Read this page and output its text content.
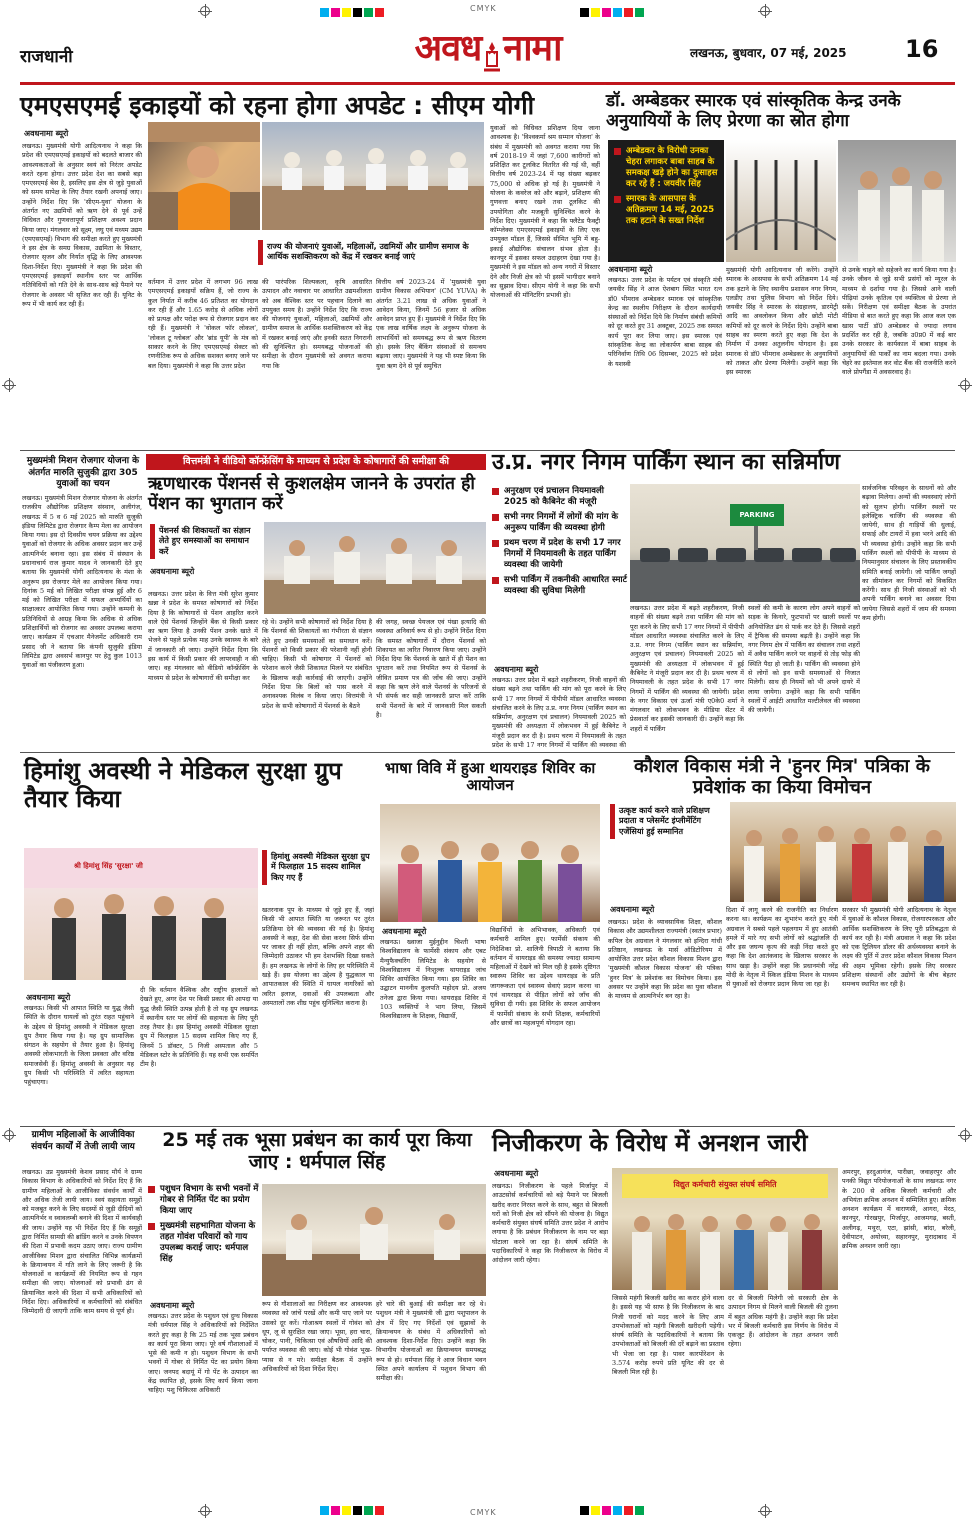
CMYK
CMYK
राजधानी	अवध नामा	लखनऊ, बुधवार, 07 मई, 2025 16
एमएसएमई इकाइयों को रहना होगा अपडेट : सीएम योगी
अवधनामा ब्यूरो
लखनऊ। मुख्यमंत्री योगी आदित्यनाथ ने कहा कि प्रदेश की एमएसएमई इकाइयों को बदलते बाजार की आवश्यकताओं के अनुसार स्वयं को निरंतर अपडेट करते रहना होगा। उत्तर प्रदेश देश का सबसे बड़ा एमएसएमई बेस है, इसलिए इस क्षेत्र से जुड़े युवाओं को समय सापेक्ष के लिए तैयार रखनी अपनाई जाए। उन्होंने निर्देश दिए कि 'सीएम-युवा' योजना के अंतर्गत नए उद्यमियों को ऋण देने से पूर्व उन्हें विधिवत और गुणवत्तापूर्ण प्रशिक्षण अवश्य प्रदान किया जाए। मंगलवार को सूक्ष्म, लघु एवं मध्यम उद्यम (एमएसएमई) विभाग की समीक्षा करते हुए मुख्यमंत्री ने इस क्षेत्र के समग्र विकास, उद्यमिता के विस्तार, रोजगार सृजन और निर्यात वृद्धि के लिए आवश्यक दिशा-निर्देश दिए। मुख्यमंत्री ने कहा कि प्रदेश की एमएसएमई इकाइयाँ स्थानीय स्तर पर आर्थिक गतिविधियों को गति देने के साथ-साथ बड़े पैमाने पर रोजगार के अवसर भी सृजित कर रही हैं। यूनिट के रूप में भी कार्य कर रही हैं।
राज्य की योजनाएं युवाओं, महिलाओं, उद्यमियों और ग्रामीण समाज के आर्थिक सशक्तिकरण को केंद्र में रखकर बनाई जाएं
वर्तमान में उत्तर प्रदेश में लगभग 96 लाख एमएसएमई इकाइयाँ सक्रिय हैं, जो राज्य के कुल निर्यात में करीब 46 प्रतिशत का योगदान कर रही हैं और 1.65 करोड़ से अधिक लोगों को प्रत्यक्ष और परोक्ष रूप से रोजगार प्रदान कर रही हैं। मुख्यमंत्री ने 'वोकल फॉर लोकल', 'लोकल टू ग्लोबल' और 'ब्रांड यूपी' के मंत्र को साकार करने के लिए एमएसएमई सेक्टर को रणनीतिक रूप से अधिक सशक्त बनाए जाने पर बल दिया। मुख्यमंत्री ने कहा कि उत्तर प्रदेश
की पारंपरिक शिल्पकला, कृषि आधारित उत्पादन और नवाचार पर आधारित उद्यमशीलता को अब वैश्विक स्तर पर पहचान दिलाने का उपयुक्त समय है। उन्होंने निर्देश दिए कि राज्य की योजनाएं युवाओं, महिलाओं, उद्यमियों और ग्रामीण समाज के आर्थिक सशक्तिकरण को केंद्र में रखकर बनाई जाएं और इनकी सतत निगरानी की सुनिश्चित हो। समयबद्ध योजनाओं की समीक्षा के दौरान मुख्यमंत्री को अवगत कराया गया कि
वित्तीय वर्ष 2023-24 में 'मुख्यमंत्री युवा ग्रामीण विकास अभियान' (CM YUVA) के अंतर्गत 3.21 लाख से अधिक युवाओं ने आवेदन किया, जिनमें 56 हजार से अधिक आवेदन प्राप्त हुए हैं। मुख्यमंत्री ने निर्देश दिए कि एक लाख वार्षिक लक्ष्य के अनुरूप योजना के लाभार्थियों को समयबद्ध रूप से ऋण वितरण हो। इसके लिए बैंकिंग संस्थाओं से समन्वय बढ़ाया जाए। मुख्यमंत्री ने यह भी स्पष्ट किया कि युवा ऋण देने से पूर्व समुचित
युवाओं को विधिवत प्रशिक्षण दिया जाना आवश्यक है। 'विश्वकर्मा श्रम सम्मान योजना' के संबंध में मुख्यमंत्री को अवगत कराया गया कि वर्ष 2018-19 में जहां 7,600 कारीगरों को प्रशिक्षित कर टूलकिट वितरित की गई थी, वहीं वित्तीय वर्ष 2023-24 में यह संख्या बढ़कर 75,000 से अधिक हो गई है। मुख्यमंत्री ने योजना के कवरेज को और बढ़ाने, प्रशिक्षण की गुणवत्ता बनाए रखने तथा टूलकिट की उपयोगिता और मजबूती सुनिश्चित करने के निर्देश दिए। मुख्यमंत्री ने कहा कि फ्लैटेड फैक्ट्री कॉम्प्लेक्स एमएसएमई इकाइयों के लिए एक उपयुक्त मॉडल हैं, जिससे सीमित भूमि में बहु-इकाई औद्योगिक संचालन संभव होता है। कानपुर में इसका सफल उदाहरण देखा गया है। मुख्यमंत्री ने इस मॉडल को अन्य नगरों में विस्तार देने और निजी क्षेत्र को भी इसमें भागीदार बनाने का सुझाव दिया। सीएम योगी ने कहा कि सभी योजनाओं की मॉनिटरिंग प्रभावी हो।
डॉ. अम्बेडकर स्मारक एवं सांस्कृतिक केन्द्र उनके अनुयायियों के लिए प्रेरणा का स्रोत होगा
अम्बेडकर के विरोधी उनका चेहरा लगाकर बाबा साहब के समकक्ष खड़े होने का दुःसाहस कर रहे हैं : जयवीर सिंह
स्मारक के आसपास के अतिक्रमण 14 मई, 2025 तक हटाने के सख्त निर्देश
अवधनामा ब्यूरो
लखनऊ। उत्तर प्रदेश के पर्यटन एवं संस्कृति मंत्री जयवीर सिंह ने आज ऐशबाग स्थित भारत रत्न डॉ0 भीमराव अम्बेडकर स्मारक एवं सांस्कृतिक केन्द्र का स्थलीय निरीक्षण के दौरान कार्यदायी संस्थाओं को निर्देश दिये कि निर्माण संबंधी कमियों को दूर करते हुए 31 अक्टूबर, 2025 तक समस्त कार्य पूरा कर लिया जाए। इस स्मारक एवं सांस्कृतिक केन्द्र का लोकार्पण बाबा साहब की परिनिर्वाण तिथि 06 दिसम्बर, 2025 को प्रदेश के यशस्वी
मुख्यमंत्री योगी आदित्यनाथ जी करेंगे। उन्होंने स्मारक के आसपास के सभी अतिक्रमण 14 मई तक हटाने के लिए स्थानीय प्रशासन नगर निगम, एलडीए तथा पुलिस विभाग को निर्देश दिये। जयवीर सिंह ने स्मारक के संग्रहालय, डारमेट्री आदि का अवलोकन किया और छोटी मोटी कमियों को दूर करने के निर्देश दिये। उन्होंने बाबा साहब का स्मरण करते हुए कहा कि देश के निर्माण में उनका अतुलनीय योगदान है। इस स्मारक से डॉ0 भीमराव अम्बेडकर के अनुयायियों को ताकत और प्रेरणा मिलेगी। उन्होंने कहा कि इस स्मारक
से उनके चाहने को सहेजने का कार्य किया गया है। उनके जीवन से जुड़े सभी प्रसंगों को म्यूरल के माध्यम से दर्शाया गया है। जिससे आने वाली पीढ़ियां उनके कृतित्व एवं व्यक्तित्व से प्रेरणा ले सकें। निरीक्षण एवं समीक्षा बैठक के उपरांत मीडिया से बात करते हुए कहा कि आज कल एक खास पार्टी डॉ0 अम्बेडकर से ज्यादा लगाव प्रदर्शित कर रही है, जबकि उ0प्र0 में कई बार उनके सरकार के कार्यकाल में बाबा साहब के अनुयायियों की पार्कों का नाम बदला गया। उनके चेहरे का इस्तेमाल कर वोट बैंक की राजनीति करने वाले प्रोपगैंडा में अवसरवाद है।
मुख्यमंत्री मिशन रोजगार योजना के अंतर्गत मारुति सुजुकी द्वारा 305 युवाओं का चयन
लखनऊ। मुख्यमंत्री मिशन रोजगार योजना के अंतर्गत राजकीय औद्योगिक प्रशिक्षण संस्थान, अलीगंज, लखनऊ में 5 व 6 मई 2025 को मारुति सुजुकी इंडिया लिमिटेड द्वारा रोजगार कैम्प मेला का आयोजन किया गया। इस दो दिवसीय चयन प्रक्रिया का उद्देश्य युवाओं को रोजगार के अधिक अवसर प्रदान कर उन्हें आत्मनिर्भर बनाना रहा। इस संबंध में संस्थान के प्रधानाचार्य राज कुमार यादव ने जानकारी देते हुए बताया कि मुख्यमंत्री योगी आदित्यनाथ के मंशा के अनुरूप इस रोजगार मेले का आयोजन किया गया। दिनांक 5 मई को लिखित परीक्षा संपन्न हुई और 6 मई को लिखित परीक्षा में सफल अभ्यर्थियों का साक्षात्कार आयोजित किया गया। उन्होंने कम्पनी के प्रतिनिधियों से आग्रह किया कि अधिक से अधिक प्रशिक्षार्थियों को रोजगार का अवसर उपलब्ध कराया जाए। कार्यक्रम में एचआर मैनेजमेंट अधिकारी राम प्रसाद जी ने बताया कि कंपनी सुजुकी इंडिया लिमिटेड द्वारा अवसर्भ कानपुर पर हेतु कुल 1013 युवाओं का पंजीकरण हुआ।
वित्तमंत्री ने वीडियो कॉन्फ्रेंसिंग के माध्यम से प्रदेश के कोषागारों की समीक्षा की
ऋणधारक पेंशनर्स से कुशलक्षेम जानने के उपरांत ही पेंशन का भुगतान करें
पेंशनर्स की शिकायतों का संज्ञान लेते हुए समस्याओं का समाधान करें
अवधनामा ब्यूरो
लखनऊ। उत्तर प्रदेश के वित्त मंत्री सुरेश कुमार खन्ना ने प्रदेश के समस्त कोषागारों को निर्देश दिया है कि कोषागारों से पेंशन आहरित करने वाले ऐसे पेंशनर्स जिन्होंने बैंक से किसी प्रकार का ऋण लिया है उनकी पेंशन उनके खाते में भेजने से पहले प्रत्येक माह उनके स्वास्थ्य के बारे में जानकारी ली जाए। उन्होंने निर्देश दिया कि इस कार्य में किसी प्रकार की लापरवाही न की जाए। वह मंगलवार को वीडियो कॉन्फ्रेंसिंग के माध्यम से प्रदेश के कोषागारों की समीक्षा कर
रहे थे। उन्होंने सभी कोषागारों को निर्देश दिया है कि पेंशनर्स की शिकायतों का गंभीरता से संज्ञान लेते हुए उनकी समस्याओं का समाधान करें। पेंशनरों को किसी प्रकार की परेशानी नहीं होनी चाहिए। किसी भी कोषागार में पेंशनरों को परेशान करने जैसी शिकायत मिलने पर संबंधित के खिलाफ कड़ी कार्रवाई की जाएगी। उन्होंने निर्देश दिया कि बिलों को पास करने में अनावश्यक विलंब न किया जाए। वित्तमंत्री ने प्रदेश के सभी कोषागारों में पेंशनर्स के बैठने
की जगह, स्वच्छ पेयजल एवं पंखा इत्यादि की व्यवस्था अनिवार्य रूप से हो। उन्होंने निर्देश दिया कि समस्त कोषागारों में दौरान पेंशनर्स को शिकायत का त्वरित निवारण किया जाए। उन्होंने निर्देश दिया कि पेंशनर्स के खाते में ही पेंशन का भुगतान करें तथा नियमित रूप से पेंशनर्स के जीवित प्रमाण पत्र की जाँच की जाए। उन्होंने कहा कि ऋण लेने वाले पेंशनर्स के परिजनों से भी संपर्क कर सही जानकारी प्राप्त करें ताकि सभी पेंशनरों के बारे में जानकारी मिल सकती है।
उ.प्र. नगर निगम पार्किंग स्थान का सन्निर्माण
अनुरक्षण एवं प्रचालन नियमावली 2025 को कैबिनेट की मंजूरी
सभी नगर निगमों में लोगों की मांग के अनुरूप पार्किंग की व्यवस्था होगी
प्रथम चरण में प्रदेश के सभी 17 नगर निगमों में नियमावली के तहत पार्किंग व्यवस्था की जायेगी
सभी पार्किंग में तकनीकी आधारित स्मार्ट व्यवस्था की सुविधा मिलेगी
PARKING
सार्वजनिक परिवहन के साधनों को और बढ़ावा मिलेगा। अन्यों की व्यवस्थाएं लोगों को सुलभ होगी। पार्किंग स्थलों पर इलेक्ट्रिक चार्जिंग की व्यवस्था की जायेगी, साथ ही गाड़ियों की धुलाई, सफाई और टायरों में हवा भरने आदि की भी व्यवस्था होगी। उन्होंने कहा कि सभी पार्किंग स्थलों को पीपीपी के माध्यम से नियमानुसार संचालन के लिए प्रस्तावकीय समिति बनाई जायेगी। जो पार्किंग जगहों का सीमांकन कर निगमों को विकसित करेंगी। साथ ही निजी संस्थाओं को भी अपनी पार्किंग बनाने का अवसर दिया जायेगा जिससे शहरों में जाम की समस्या कम होगी।
अवधनामा ब्यूरो
लखनऊ। उत्तर प्रदेश में बढ़ते शहरीकरण, निजी वाहनों की संख्या बढ़ने तथा पार्किंग की मांग को पूरा करने के लिए सभी 17 नगर निगमों में पीपीपी मॉडल आधारित व्यवस्था संचालित करने के लिए उ.प्र. नगर निगम (पार्किंग स्थान का सन्निर्माण, अनुरक्षण एवं प्रचालन) नियमावली 2025 को मुख्यमंत्री की अध्यक्षता में लोकभवन में हुई कैबिनेट ने मंजूरी प्रदान कर दी है। प्रथम चरण में नियमावली के तहत प्रदेश के सभी 17 नगर निगमों में पार्किंग की व्यवस्था की जायेगी। प्रदेश के नगर विकास एवं ऊर्जा मंत्री ए0के0 शर्मा ने मंगलवार को लोकभवन के मीडिया सेंटर में प्रेसवार्ता कर इसकी जानकारी दी। उन्होंने कहा कि शहरों में पार्किंग
स्थलों की कमी के कारण लोग अपने वाहनों को सड़क के किनारे, फुटपाथों पर खाली स्थलों पर अनियोजित ढंग से पार्क कर देते हैं। जिससे शहरों में ट्रैफिक की समस्या बढ़ती है। उन्होंने कहा कि नगर निगम क्षेत्र में पार्किंग का संचालन तथा शहरों में अवैध पार्किंग करने पर वाहनों से तोड़ फोड़ की स्थिति पैदा हो जाती है। पार्किंग की व्यवस्था होने से लोगों को इन सभी समस्याओं से निजात मिलेगी। साथ ही नियमों को भी अपने दायरे में लाया जायेगा। उन्होंने कहा कि सभी पार्किंग स्थलों में आईटी आधारित मल्टीलेवल की व्यवस्था की जायेगी।
लखनऊ। उत्तर प्रदेश में बढ़ते शहरीकरण, निजी वाहनों की संख्या बढ़ने तथा पार्किंग की मांग को पूरा करने के लिए सभी 17 नगर निगमों में पीपीपी मॉडल आधारित व्यवस्था संचालित करने के लिए उ.प्र. नगर निगम (पार्किंग स्थान का सन्निर्माण, अनुरक्षण एवं प्रचालन) नियमावली 2025 को मुख्यमंत्री की अध्यक्षता में लोकभवन में हुई कैबिनेट ने मंजूरी प्रदान कर दी है। प्रथम चरण में नियमावली के तहत प्रदेश के सभी 17 नगर निगमों में पार्किंग की व्यवस्था की
हिमांशु अवस्थी ने मेडिकल सुरक्षा ग्रुप तैयार किया
श्री हिमांशु सिंह 'सुरक्षा' जी
हिमांशु अवस्थी मेडिकल सुरक्षा ग्रुप में फिलहाल 15 सदस्य शामिल किए गए हैं
अवधनामा ब्यूरो
लखनऊ। किसी भी आपात स्थिति या युद्ध जैसी स्थिति के दौरान घायलों को तुरंत राहत पहुंचाने के उद्देश्य से हिमांशु अवस्थी ने मेडिकल सुरक्षा ग्रुप तैयार किया गया है। यह ग्रुप सामाजिक संगठन के सहयोग से तैयार हुआ है। हिमांशु अवस्थी लोकभारती के जिला प्रवक्ता और वरिष्ठ समाजसेवी हैं। हिमांशु अवस्थी के अनुसार यह ग्रुप किसी भी परिस्थिति में त्वरित सहायता पहुंचाएगा।
दी कि वर्तमान वैश्विक और राष्ट्रीय हालातों को देखते हुए, अगर देश पर किसी प्रकार की आपदा या युद्ध जैसी स्थिति उत्पन्न होती है तो यह ग्रुप लखनऊ में स्थानीय स्तर पर लोगों की सहायता के लिए पूरी तरह तैयार है। इस हिमांशु अवस्थी मेडिकल सुरक्षा ग्रुप में फिलहाल 15 सदस्य शामिल किए गए हैं, जिनमें 5 डॉक्टर, 5 निजी अस्पताल और 5 मेडिकल स्टोर के प्रतिनिधि हैं। यह सभी एक समर्पित टीम है।
खतरनाक पूप के माध्यम से जुड़े हुए हैं, जहां किसी भी आपात स्थिति या जरूरत पर तुरंत प्रतिक्रिया देने की व्यवस्था की गई है। हिमांशु अवस्थी ने कहा, देश की सेवा करना सिर्फ सीमा पर जाकर ही नहीं होता, बल्कि अपने शहर की जिम्मेदारी उठाकर भी हम देशभक्ति दिखा सकते हैं। हम लखनऊ के लोगों के लिए हर परिस्थिति में खड़े हैं। इस योजना का उद्देश्य है युद्धकाल या आपातकाल की स्थिति में घायल नागरिकों को त्वरित इलाज, दवाओं की उपलब्धता और अस्पतालों तक शीघ्र पहुंच सुनिश्चित कराना है।
भाषा विवि में हुआ थायराइड शिविर का आयोजन
अवधनामा ब्यूरो
लखनऊ। ख्वाजा मुईनुद्दीन चिश्ती भाषा विश्वविद्यालय के फार्मेसी संकाय और एबट मैन्युफैक्चरिंग लिमिटेड के सहयोग से विश्वविद्यालय में निःशुल्क थायराइड जांच शिविर आयोजित किया गया। इस शिविर का उद्घाटन माननीय कुलपति महोदय प्रो. अजय तनेजा द्वारा किया गया। थायराइड शिविर में 103 व्यक्तियों ने भाग लिया, जिसमें विश्वविद्यालय के शिक्षक, विद्यार्थी,
विद्यार्थियों के अभिभावक, अधिकारी एवं कर्मचारी शामिल हुए। फार्मेसी संकाय की निदेशिका प्रो. शालिनी त्रिपाठी ने बताया कि वर्तमान में थायराइड की समस्या ज्यादा सामान्य महिलाओं में देखने को मिल रही है इसके दृष्टिगत स्वास्थ्य शिविर का उद्देश्य थायराइड के प्रति जागरूकता एवं स्वास्थ्य सेवाएं प्रदान करना था एवं थायराइड से पीड़ित लोगों को जाँच की सुविधा दी गयी। इस शिविर के सफल आयोजन में फार्मेसी संकाय के सभी शिक्षक, कर्मचारियों और छात्रों का महत्वपूर्ण योगदान रहा।
कौशल विकास मंत्री ने 'हुनर मित्र' पत्रिका के प्रवेशांक का किया विमोचन
उत्कृष्ट कार्य करने वाले प्रशिक्षण प्रदाता व प्लेसमेंट इंप्लीमेंटिंग एजेंसियां हुई सम्मानित
अवधनामा ब्यूरो
लखनऊ। प्रदेश के व्यावसायिक शिक्षा, कौशल विकास और उद्यमशीलता राज्यमंत्री (स्वतंत्र प्रभार) कपिल देव अग्रवाल ने मंगलवार को इन्दिरा गांधी प्रतिष्ठान, लखनऊ के मार्स ऑडिटोरियम में आयोजित उत्तर प्रदेश कौशल विकास मिशन द्वारा 'मुख्यमंत्री कौशल विकास योजना' की पत्रिका 'हुनर मित्र' के प्रवेशांक का विमोचन किया। इस अवसर पर उन्होंने कहा कि प्रदेश का युवा कौशल के माध्यम से आत्मनिर्भर बन रहा है।
दिशा में लागू करने की राजनीति का निर्धारण करना था। कार्यक्रम का शुभारंभ करते हुए मंत्री अग्रवाल ने सबसे पहले पहलगाम में हुए आतंकी हमले में मारे गए सभी लोगों को श्रद्धांजलि दी और इस जघन्य कृत्य की कड़ी निंदा करते हुए कहा कि देश आतंकवाद के खिलाफ सरकार के साथ खड़ा है। उन्होंने कहा कि प्रधानमंत्री नरेंद्र मोदी के नेतृत्व में स्किल इंडिया मिशन के माध्यम से युवाओं को रोजगार प्रदान किया जा रहा है।
सरकार भी मुख्यमंत्री योगी आदित्यनाथ के नेतृत्व में युवाओं के कौशल विकास, रोजगारपरकता और आर्थिक सशक्तिकरण के लिए पूरी प्रतिबद्धता से कार्य कर रही है। मंत्री अग्रवाल ने कहा कि प्रदेश को एक ट्रिलियन डॉलर की अर्थव्यवस्था बनाने के लक्ष्य की पूर्ति में उत्तर प्रदेश कौशल विकास मिशन की अहम भूमिका रहेगी। इसके लिए सरकार प्रशिक्षण संस्थानों और उद्योगों के बीच बेहतर समन्वय स्थापित कर रही है।
ग्रामीण महिलाओं के आजीविका संवर्धन कार्यों में तेजी लायी जाय
लखनऊ। उप्र मुख्यमंत्री केशव प्रसाद मौर्य ने ग्राम्य विकास विभाग के अधिकारियों को निर्देश दिए हैं कि ग्रामीण महिलाओं के आजीविका संवर्धन कार्यों में और अधिक तेजी लायी जाय। स्वयं सहायता समूहों को मजबूत करने के लिए सदस्यों से जुड़ी दीदियों को आत्मनिर्भर व स्वावलम्बी बनाने की दिशा में कार्यवाही की जाय। उन्होंने यह भी निर्देश दिए हैं कि समूहों द्वारा निर्मित सामग्री की ब्रांडिंग करने व उनके विपणन की दिशा में प्रभावी कदम उठाए जाए। राज्य ग्रामीण आजीविका मिशन द्वारा संचालित विभिन्न कार्यक्रमों के क्रियान्वयन में गति लाने के लिए जरूरी है कि योजनाओं व कार्यक्रमों की नियमित रूप से गहन समीक्षा की जाए। योजनाओं को प्रभावी ढंग से क्रियान्वित करने की दिशा में सभी अधिकारियों को निर्देश दिए। अधिकारियों व कर्मचारियों को संबंधित जिम्मेदारी दी जाएगी ताकि काम समय से पूर्ण हो।
25 मई तक भूसा प्रबंधन का कार्य पूरा किया जाए : धर्मपाल सिंह
पशुधन विभाग के सभी भवनों में गोबर से निर्मित पेंट का प्रयोग किया जाए
मुख्यमंत्री सहभागिता योजना के तहत गोवंश परिवारों को गाय उपलब्ध कराई जाए: धर्मपाल सिंह
अवधनामा ब्यूरो
लखनऊ। उत्तर प्रदेश के पशुधन एवं दुग्ध विकास मंत्री धर्मपाल सिंह ने अधिकारियों को निर्देशित करते हुए कहा है कि 25 मई तक भूसा प्रबंधन का कार्य पूरा किया जाए। पूरे वर्ष गौशालाओं में भूसे की कमी न हो। पशुधन विभाग के सभी भवनों में गोबर से निर्मित पेंट का प्रयोग किया जाए। जनपद बदायूं में गो पेंट के उत्पादन का केंद्र स्थापित हो, इसके लिए कार्य किया जाना चाहिए। पशु चिकित्सा अधिकारी
रूप से गौशालाओं का निरीक्षण कर आवश्यक व्यवस्था को जांचें परखें और कमी पाए जाने पर उसको दूर करें। गोआश्रय स्थलों में गोवंश को धूप, लू से सुरक्षित रखा जाए। भूसा, हरा चारा, चोकर, पानी, चिकित्सा एवं औषधियों आदि की पर्याप्त व्यवस्था की जाए। कोई भी गोवंश भूख-प्यास से न मरे। समीक्षा बैठक में उन्होंने अधिकारियों को दिशा निर्देश दिए।
हरे चारे की बुआई की समीक्षा कर रहे थे। पशुधन मंत्री ने मुख्यमंत्री जी द्वारा पशुपालन के क्षेत्र में दिए गए निर्देशों एवं सुझावों के क्रियान्वयन के संबंध में अधिकारियों को आवश्यक दिशा-निर्देश दिए। उन्होंने कहा कि विभागीय योजनाओं का क्रियान्वयन समयबद्ध रूप से हो। धर्मपाल सिंह ने आज विधान भवन स्थित अपने कार्यालय में पशुधन विभाग की समीक्षा की।
निजीकरण के विरोध में अनशन जारी
अवधनामा ब्यूरो
लखनऊ। निजीकरण के पहले मिर्जापुर में आउटसोर्स कर्मचारियों को बड़े पैमाने पर बिजली खरीद करार निरस्त करने के साथ, बहुत से बिजली घरों को निजी क्षेत्र को सौंपने की योजना है। विद्युत कर्मचारी संयुक्त संघर्ष समिति उत्तर प्रदेश ने आरोप लगाया है कि प्रबंधन निजीकरण के नाम पर बड़ा घोटाला करने जा रहा है। संघर्ष समिति के पदाधिकारियों ने कहा कि निजीकरण के विरोध में आंदोलन जारी रहेगा।
विद्युत कर्मचारी संयुक्त संघर्ष समिति
जिससे महंगी बिजली खरीद का करार होने वाला है। इससे यह भी साफ है कि निजीकरण के बाद निजी घरानों को मदद करने के लिए आम उपभोक्ताओं को महंगी बिजली खरीदनी पड़ेगी। संघर्ष समिति के पदाधिकारियों ने बताया कि उपभोक्ताओं को बिजली की दरें बढ़ाने का प्रस्ताव भी भेजा जा रहा है। पावर कारपोरेशन के 3.574 करोड़ रुपये प्रति यूनिट की दर से बिजली मिल रही है।
दर से बिजली मिलेगी जो सरकारी क्षेत्र के उत्पादन निगम से मिलने वाली बिजली की तुलना में बहुत अधिक महंगी है। उन्होंने कहा कि प्रदेश भर में बिजली कर्मचारी इस निर्णय के विरोध में एकजुट हैं। आंदोलन के तहत अनशन जारी रहेगा।
अमरपुर, हरदुआगंज, पारीछा, जवाहरपुर और पनकी विद्युत परियोजनाओं के साथ लखनऊ नगर के 200 से अधिक बिजली कर्मचारी और अभियंता क्रमिक अनशन में सम्मिलित हुए। क्रमिक अनशन कार्यक्रम में वाराणसी, आगरा, मेरठ, कानपुर, गोरखपुर, मिर्जापुर, आजमगढ़, बस्ती, अलीगढ़, मथुरा, एटा, झांसी, बांदा, बरेली, देवीपाटन, अयोध्या, सहारनपुर, मुरादाबाद में क्रमिक अनशन जारी रहा।
